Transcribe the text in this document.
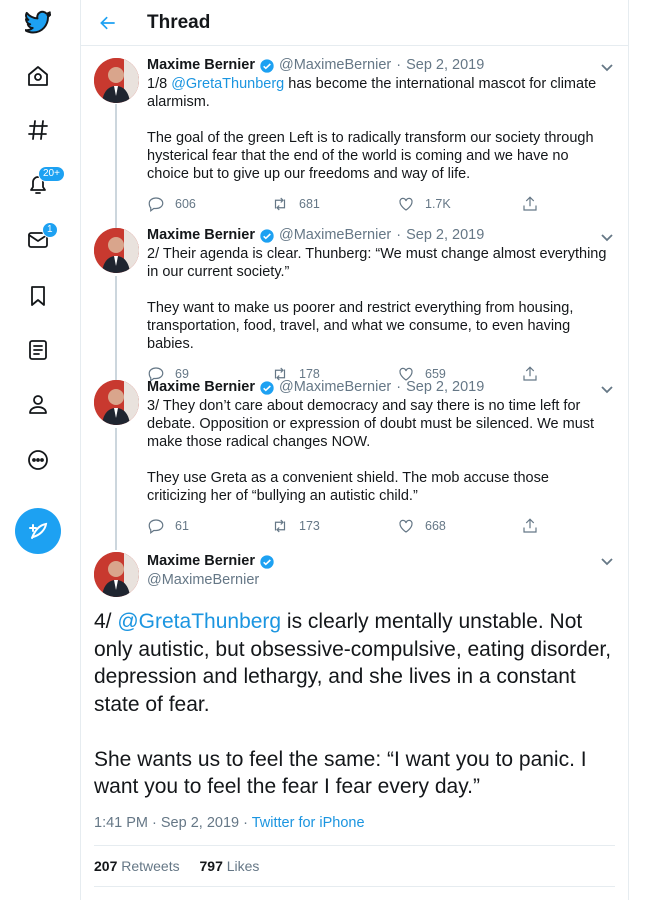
20+
1
Thread
Maxime Bernier @MaximeBernier · Sep 2, 2019
1/8 @GretaThunberg has become the international mascot for climate alarmism.

The goal of the green Left is to radically transform our society through hysterical fear that the end of the world is coming and we have no choice but to give up our freedoms and way of life.
606	681	1.7K
Maxime Bernier @MaximeBernier · Sep 2, 2019
2/ Their agenda is clear. Thunberg: “We must change almost everything in our current society.”

They want to make us poorer and restrict everything from housing, transportation, food, travel, and what we consume, to even having babies.
69	178	659
Maxime Bernier @MaximeBernier · Sep 2, 2019
3/ They don’t care about democracy and say there is no time left for debate. Opposition or expression of doubt must be silenced. We must make those radical changes NOW.

They use Greta as a convenient shield. The mob accuse those criticizing her of “bullying an autistic child.”
61	173	668
Maxime Bernier
@MaximeBernier
4/ @GretaThunberg is clearly mentally unstable. Not only autistic, but obsessive-compulsive, eating disorder, depression and lethargy, and she lives in a constant state of fear.

She wants us to feel the same: “I want you to panic. I want you to feel the fear I fear every day.”
1:41 PM · Sep 2, 2019 · Twitter for iPhone
207 Retweets 797 Likes
